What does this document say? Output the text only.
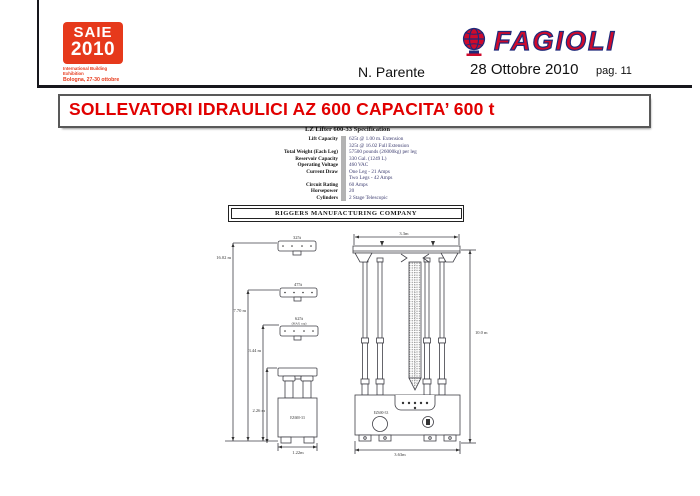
SAIE
2010
International Building Exhibition
Bologna, 27-30 ottobre	N. Parente
FAGIOLI
28 Ottobre 2010 pag. 11
SOLLEVATORI IDRAULICI AZ 600 CAPACITA’ 600 t
LZ Lifter 600-33 Specification
Lift Capacity 625t @ 1.00 m. Extension
325t @ 16.02 Full Extension
Total Weight (Each Leg) 57500 pounds (26000kg) per leg
Reservoir Capacity 330 Gal. (1249 L)
Operating Voltage 460 VAC
Current Draw One Leg - 21 Amps
Two Legs - 42 Amps
Circuit Rating 60 Amps
Horsepower 20
Cylinders 2 Stage Telescopic
RIGGERS MANUFACTURING COMPANY
325t
475t
625t
(MAX cap)
16.02 m
7.70 m
3.44 m
2.26 m
1.22m
EZ600-33
3.3m
10.0 m
3.63m
EZ600-33
